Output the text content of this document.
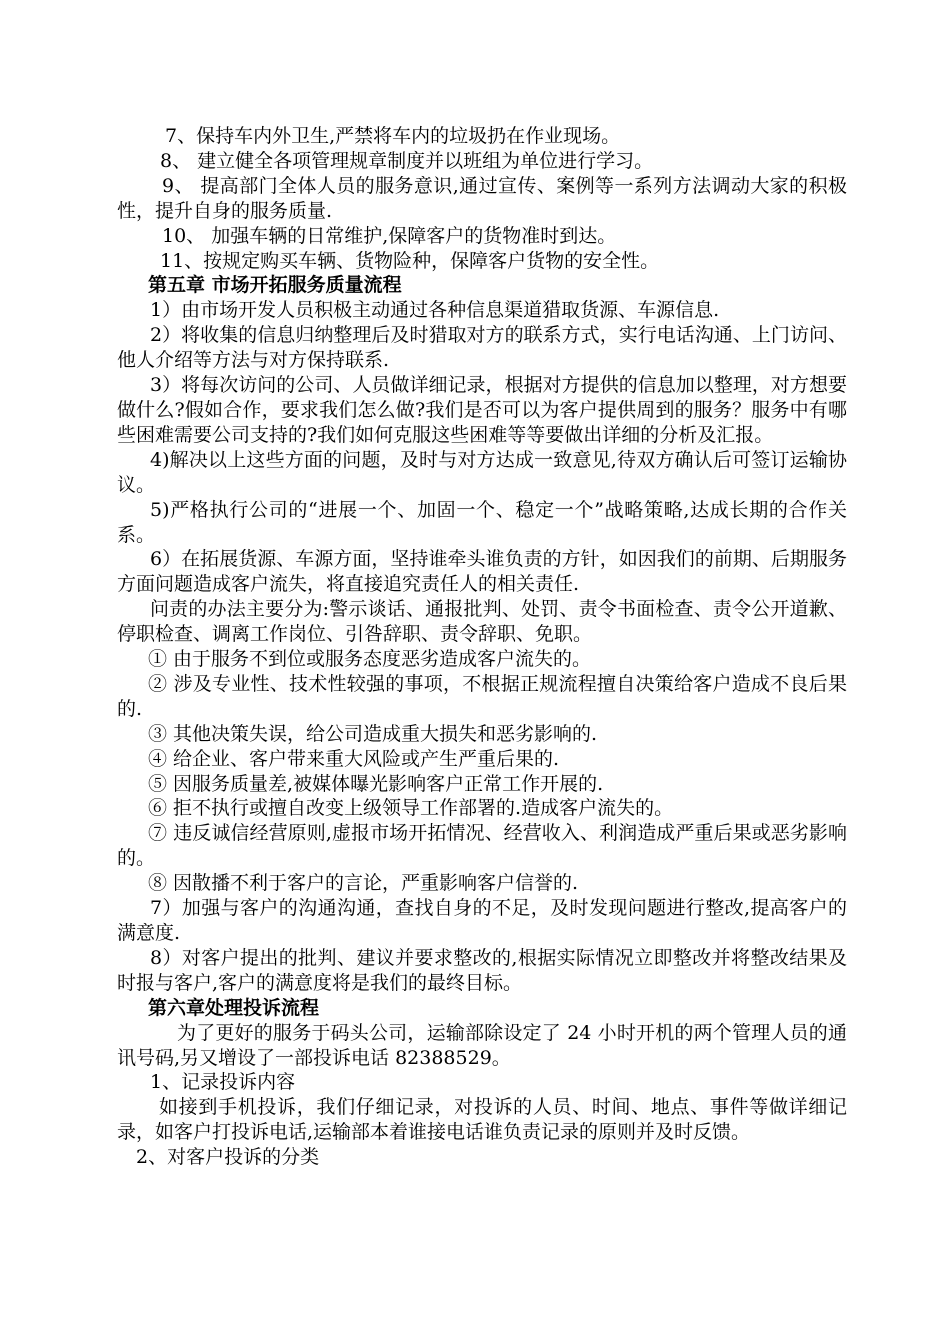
7、保持车内外卫生,严禁将车内的垃圾扔在作业现场。
8、 建立健全各项管理规章制度并以班组为单位进行学习。
9、 提高部门全体人员的服务意识,通过宣传、案例等一系列方法调动大家的积极性，提升自身的服务质量.
10、 加强车辆的日常维护,保障客户的货物准时到达。
11、按规定购买车辆、货物险种，保障客户货物的安全性。
第五章 市场开拓服务质量流程
1）由市场开发人员积极主动通过各种信息渠道猎取货源、车源信息.
2）将收集的信息归纳整理后及时猎取对方的联系方式，实行电话沟通、上门访问、他人介绍等方法与对方保持联系.
3）将每次访问的公司、人员做详细记录，根据对方提供的信息加以整理，对方想要做什么?假如合作，要求我们怎么做?我们是否可以为客户提供周到的服务？服务中有哪些困难需要公司支持的?我们如何克服这些困难等等要做出详细的分析及汇报。
4)解决以上这些方面的问题，及时与对方达成一致意见,待双方确认后可签订运输协议。
5)严格执行公司的“进展一个、加固一个、稳定一个”战略策略,达成长期的合作关系。
6）在拓展货源、车源方面，坚持谁牵头谁负责的方针，如因我们的前期、后期服务方面问题造成客户流失，将直接追究责任人的相关责任.
问责的办法主要分为:警示谈话、通报批判、处罚、责令书面检查、责令公开道歉、停职检查、调离工作岗位、引咎辞职、责令辞职、免职。
① 由于服务不到位或服务态度恶劣造成客户流失的。
② 涉及专业性、技术性较强的事项，不根据正规流程擅自决策给客户造成不良后果的.
③ 其他决策失误，给公司造成重大损失和恶劣影响的.
④ 给企业、客户带来重大风险或产生严重后果的.
⑤ 因服务质量差,被媒体曝光影响客户正常工作开展的.
⑥ 拒不执行或擅自改变上级领导工作部署的.造成客户流失的。
⑦ 违反诚信经营原则,虚报市场开拓情况、经营收入、利润造成严重后果或恶劣影响的。
⑧ 因散播不利于客户的言论，严重影响客户信誉的.
7）加强与客户的沟通沟通，查找自身的不足，及时发现问题进行整改,提高客户的满意度.
8）对客户提出的批判、建议并要求整改的,根据实际情况立即整改并将整改结果及时报与客户,客户的满意度将是我们的最终目标。
第六章处理投诉流程
为了更好的服务于码头公司，运输部除设定了 24 小时开机的两个管理人员的通讯号码,另又增设了一部投诉电话 82388529。
1、记录投诉内容
如接到手机投诉，我们仔细记录，对投诉的人员、时间、地点、事件等做详细记录，如客户打投诉电话,运输部本着谁接电话谁负责记录的原则并及时反馈。
2、对客户投诉的分类
